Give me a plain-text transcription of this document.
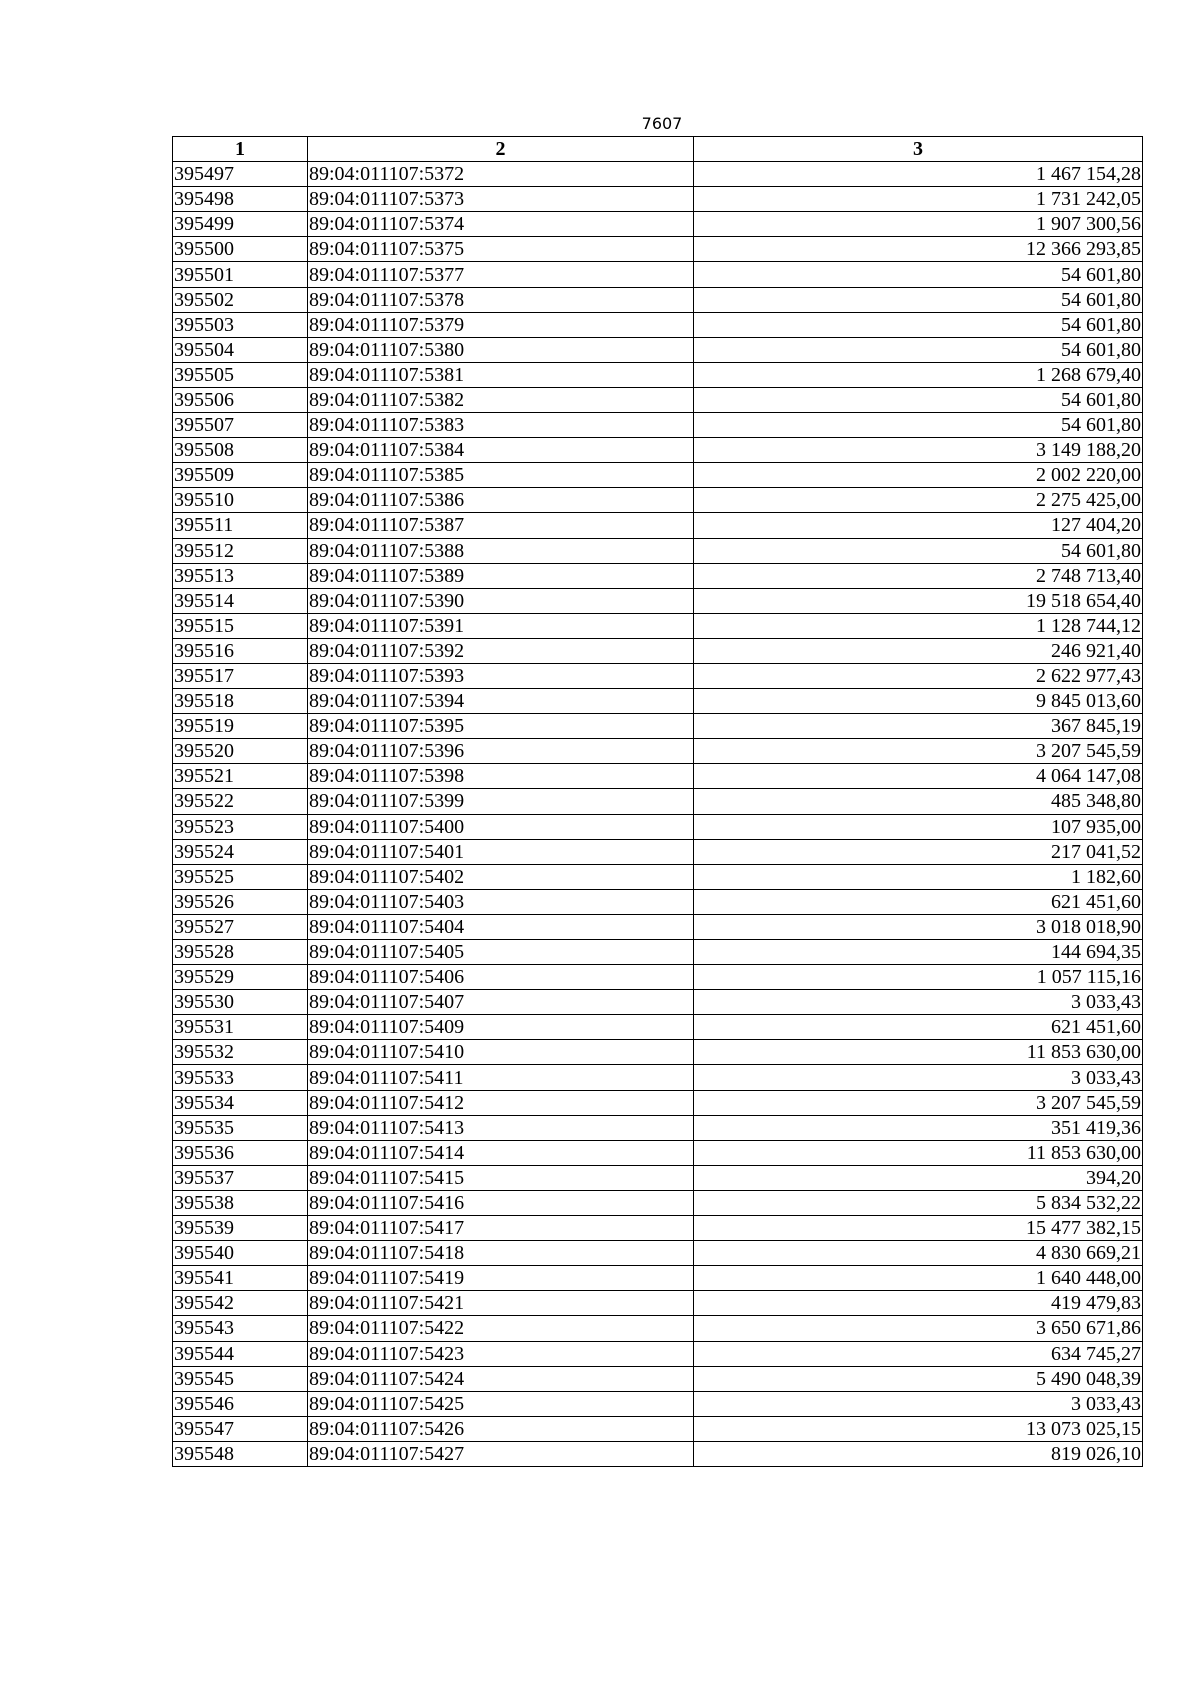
7607
1	2	3
395497	89:04:011107:5372	1 467 154,28
395498	89:04:011107:5373	1 731 242,05
395499	89:04:011107:5374	1 907 300,56
395500	89:04:011107:5375	12 366 293,85
395501	89:04:011107:5377	54 601,80
395502	89:04:011107:5378	54 601,80
395503	89:04:011107:5379	54 601,80
395504	89:04:011107:5380	54 601,80
395505	89:04:011107:5381	1 268 679,40
395506	89:04:011107:5382	54 601,80
395507	89:04:011107:5383	54 601,80
395508	89:04:011107:5384	3 149 188,20
395509	89:04:011107:5385	2 002 220,00
395510	89:04:011107:5386	2 275 425,00
395511	89:04:011107:5387	127 404,20
395512	89:04:011107:5388	54 601,80
395513	89:04:011107:5389	2 748 713,40
395514	89:04:011107:5390	19 518 654,40
395515	89:04:011107:5391	1 128 744,12
395516	89:04:011107:5392	246 921,40
395517	89:04:011107:5393	2 622 977,43
395518	89:04:011107:5394	9 845 013,60
395519	89:04:011107:5395	367 845,19
395520	89:04:011107:5396	3 207 545,59
395521	89:04:011107:5398	4 064 147,08
395522	89:04:011107:5399	485 348,80
395523	89:04:011107:5400	107 935,00
395524	89:04:011107:5401	217 041,52
395525	89:04:011107:5402	1 182,60
395526	89:04:011107:5403	621 451,60
395527	89:04:011107:5404	3 018 018,90
395528	89:04:011107:5405	144 694,35
395529	89:04:011107:5406	1 057 115,16
395530	89:04:011107:5407	3 033,43
395531	89:04:011107:5409	621 451,60
395532	89:04:011107:5410	11 853 630,00
395533	89:04:011107:5411	3 033,43
395534	89:04:011107:5412	3 207 545,59
395535	89:04:011107:5413	351 419,36
395536	89:04:011107:5414	11 853 630,00
395537	89:04:011107:5415	394,20
395538	89:04:011107:5416	5 834 532,22
395539	89:04:011107:5417	15 477 382,15
395540	89:04:011107:5418	4 830 669,21
395541	89:04:011107:5419	1 640 448,00
395542	89:04:011107:5421	419 479,83
395543	89:04:011107:5422	3 650 671,86
395544	89:04:011107:5423	634 745,27
395545	89:04:011107:5424	5 490 048,39
395546	89:04:011107:5425	3 033,43
395547	89:04:011107:5426	13 073 025,15
395548	89:04:011107:5427	819 026,10
